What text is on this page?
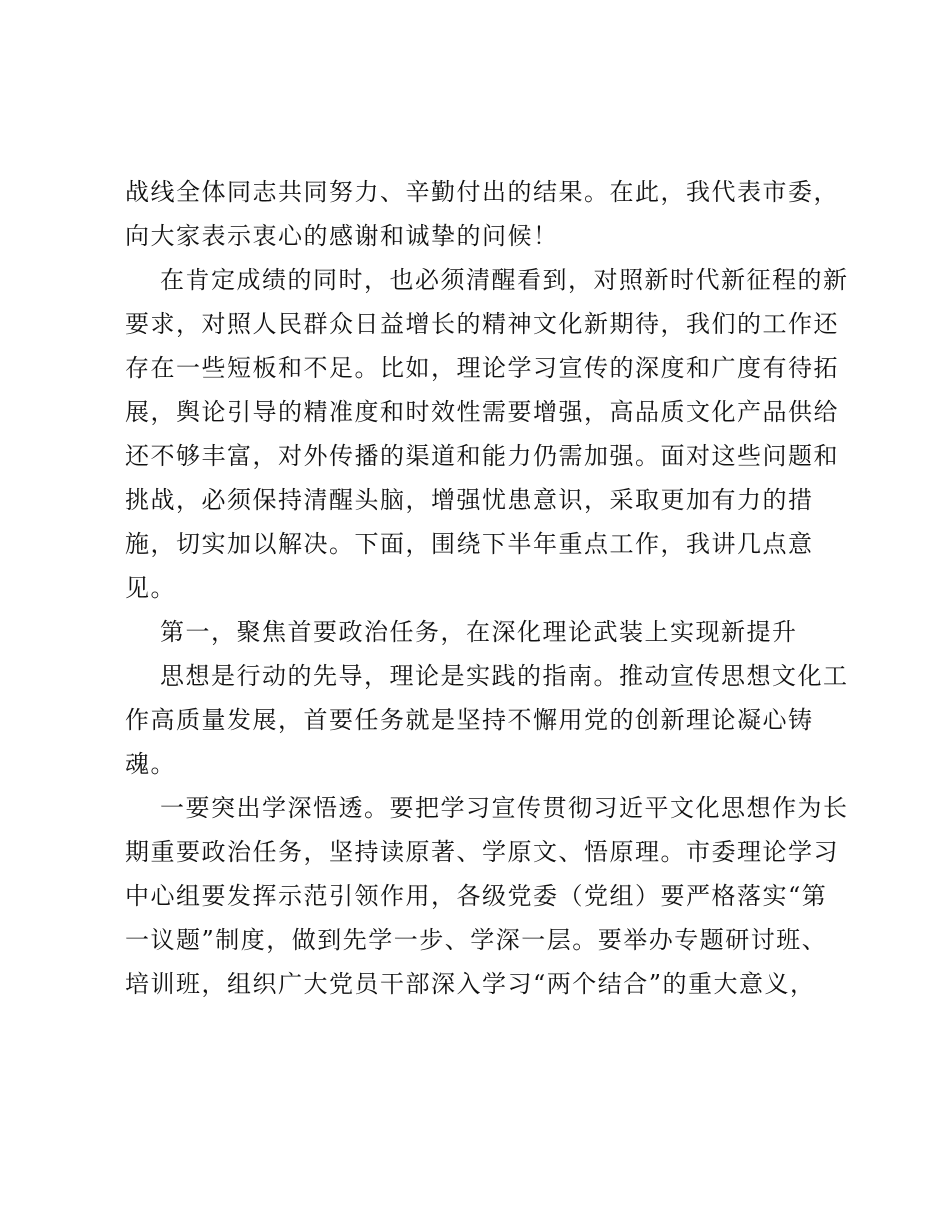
战线全体同志共同努力、辛勤付出的结果。在此，我代表市委，
向大家表示衷心的感谢和诚挚的问候！
在肯定成绩的同时，也必须清醒看到，对照新时代新征程的新
要求，对照人民群众日益增长的精神文化新期待，我们的工作还
存在一些短板和不足。比如，理论学习宣传的深度和广度有待拓
展，舆论引导的精准度和时效性需要增强，高品质文化产品供给
还不够丰富，对外传播的渠道和能力仍需加强。面对这些问题和
挑战，必须保持清醒头脑，增强忧患意识，采取更加有力的措
施，切实加以解决。下面，围绕下半年重点工作，我讲几点意
见。
第一，聚焦首要政治任务，在深化理论武装上实现新提升
思想是行动的先导，理论是实践的指南。推动宣传思想文化工
作高质量发展，首要任务就是坚持不懈用党的创新理论凝心铸
魂。
一要突出学深悟透。要把学习宣传贯彻习近平文化思想作为长
期重要政治任务，坚持读原著、学原文、悟原理。市委理论学习
中心组要发挥示范引领作用，各级党委（党组）要严格落实“第
一议题”制度，做到先学一步、学深一层。要举办专题研讨班、
培训班，组织广大党员干部深入学习“两个结合”的重大意义，
